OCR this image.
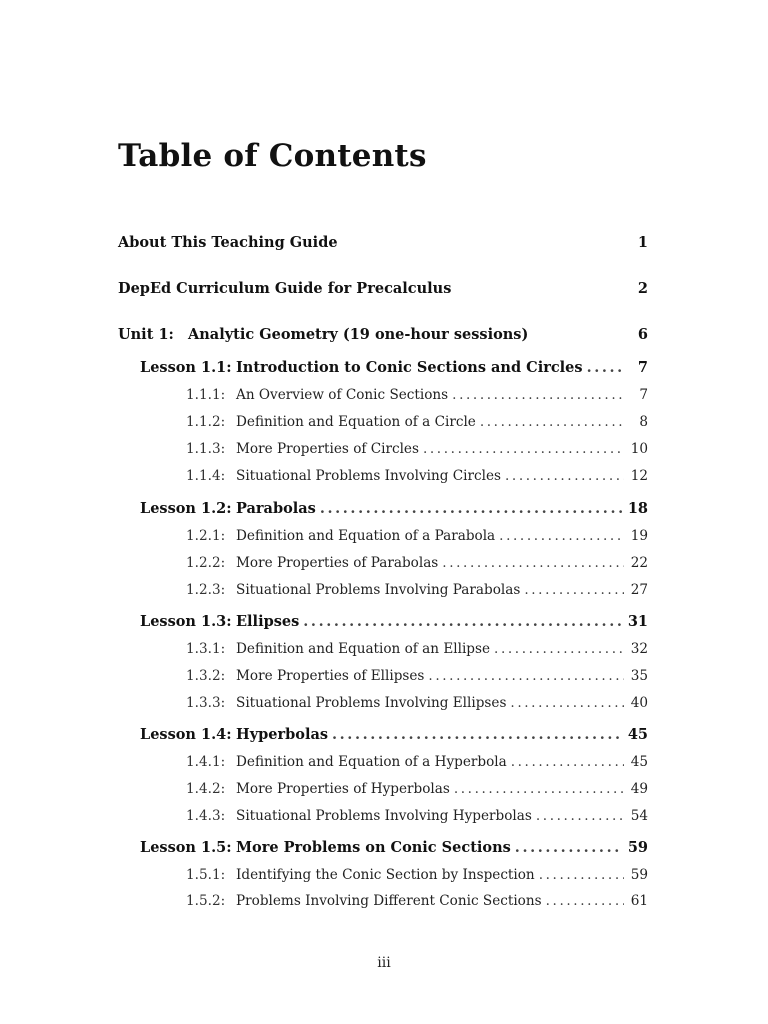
Table of Contents
About This Teaching Guide	1
DepEd Curriculum Guide for Precalculus	2
Unit 1: Analytic Geometry (19 one-hour sessions)	6
Lesson 1.1: Introduction to Conic Sections and Circles .....	7
1.1.1: An Overview of Conic Sections .....	7
1.1.2: Definition and Equation of a Circle .....	8
1.1.3: More Properties of Circles .....	10
1.1.4: Situational Problems Involving Circles .....	12
Lesson 1.2: Parabolas .....	18
1.2.1: Definition and Equation of a Parabola .....	19
1.2.2: More Properties of Parabolas .....	22
1.2.3: Situational Problems Involving Parabolas .....	27
Lesson 1.3: Ellipses .....	31
1.3.1: Definition and Equation of an Ellipse .....	32
1.3.2: More Properties of Ellipses .....	35
1.3.3: Situational Problems Involving Ellipses .....	40
Lesson 1.4: Hyperbolas .....	45
1.4.1: Definition and Equation of a Hyperbola .....	45
1.4.2: More Properties of Hyperbolas .....	49
1.4.3: Situational Problems Involving Hyperbolas .....	54
Lesson 1.5: More Problems on Conic Sections .....	59
1.5.1: Identifying the Conic Section by Inspection .....	59
1.5.2: Problems Involving Different Conic Sections .....	61
iii
